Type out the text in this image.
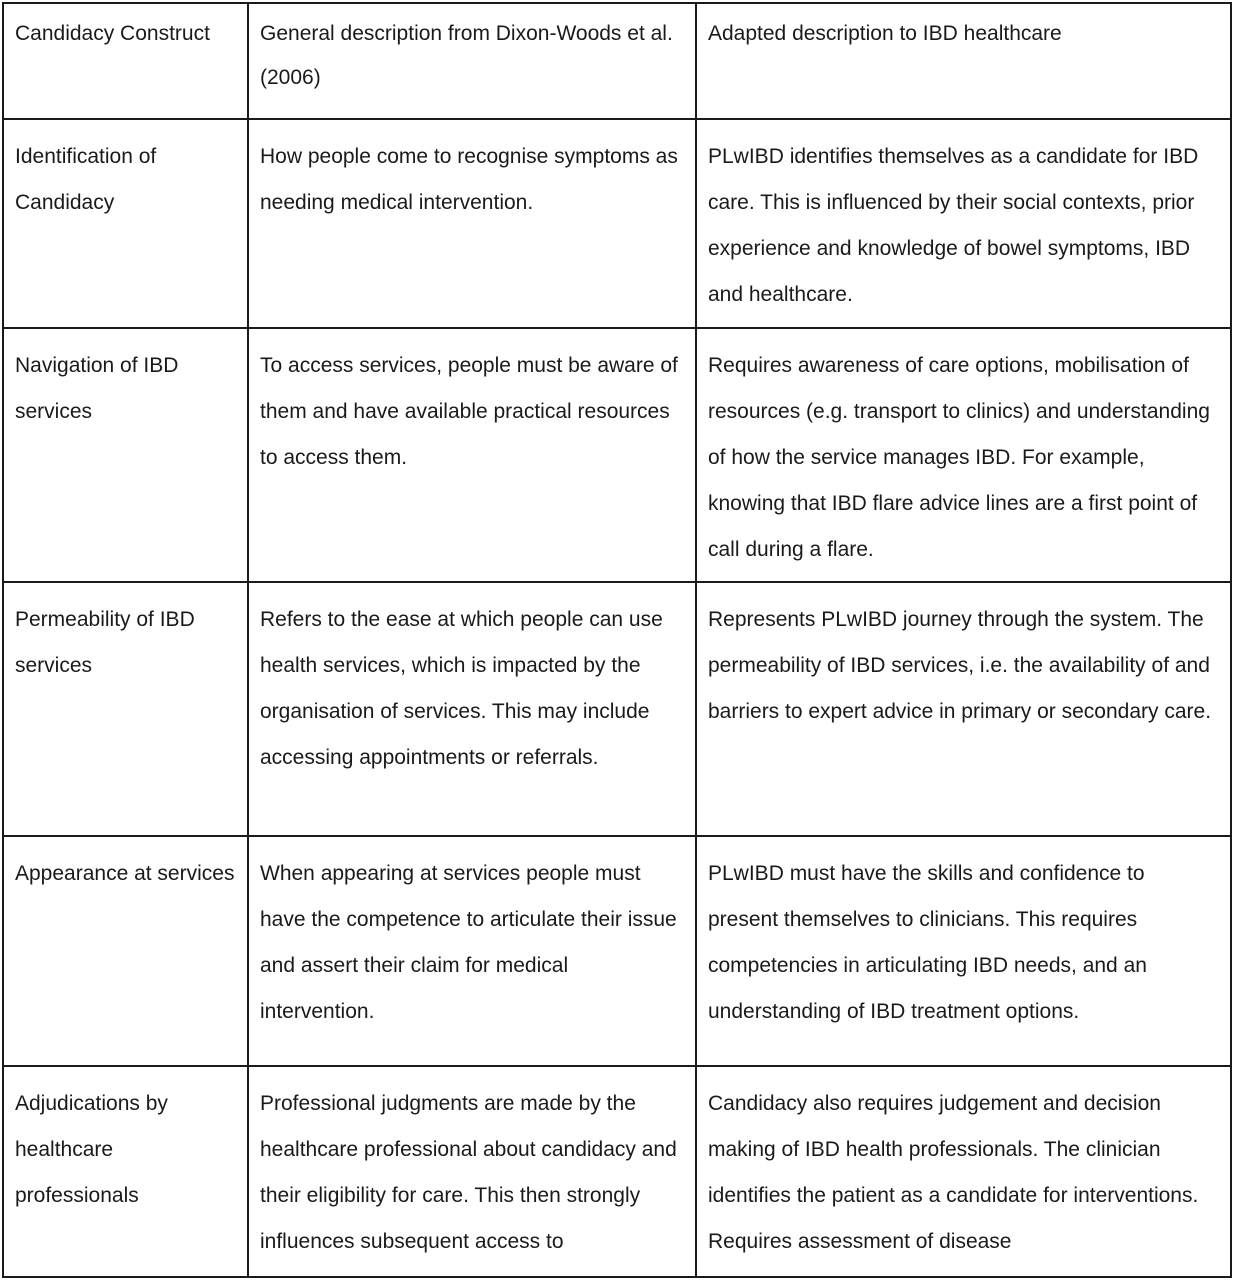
Candidacy Construct	General description from Dixon-Woods et al. (2006)	Adapted description to IBD healthcare
Identification of Candidacy	How people come to recognise symptoms as needing medical intervention.	PLwIBD identifies themselves as a candidate for IBD care. This is influenced by their social contexts, prior experience and knowledge of bowel symptoms, IBD and healthcare.
Navigation of IBD services	To access services, people must be aware of them and have available practical resources to access them.	Requires awareness of care options, mobilisation of resources (e.g. transport to clinics) and understanding of how the service manages IBD. For example, knowing that IBD flare advice lines are a first point of call during a flare.
Permeability of IBD services	Refers to the ease at which people can use health services, which is impacted by the organisation of services. This may include accessing appointments or referrals.	Represents PLwIBD journey through the system. The permeability of IBD services, i.e. the availability of and barriers to expert advice in primary or secondary care.
Appearance at services	When appearing at services people must have the competence to articulate their issue and assert their claim for medical intervention.	PLwIBD must have the skills and confidence to present themselves to clinicians. This requires competencies in articulating IBD needs, and an understanding of IBD treatment options.
Adjudications by healthcare professionals	Professional judgments are made by the healthcare professional about candidacy and their eligibility for care. This then strongly influences subsequent access to	Candidacy also requires judgement and decision making of IBD health professionals. The clinician identifies the patient as a candidate for interventions. Requires assessment of disease
